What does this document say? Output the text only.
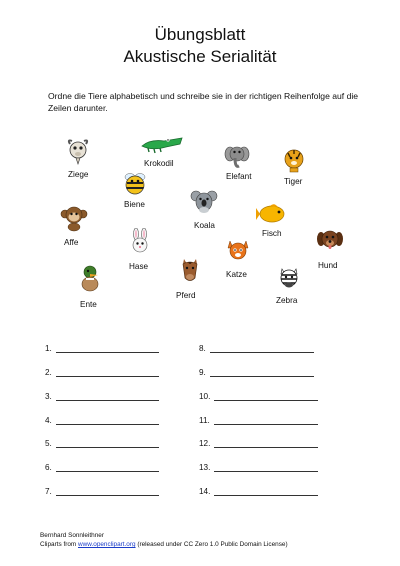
Übungsblatt
Akustische Serialität
Ordne die Tiere alphabetisch und schreibe sie in der richtigen Reihenfolge auf die Zeilen darunter.
Ziege
Krokodil
Elefant
Tiger
Biene
Koala
Fisch
Affe
Hase
Katze
Hund
Pferd
Zebra
Ente
1.
2.
3.
4.
5.
6.
7.
8.
9.
10.
11.
12.
13.
14.
Bernhard Sonnleithner
Cliparts from www.openclipart.org (released under CC Zero 1.0 Public Domain License)
